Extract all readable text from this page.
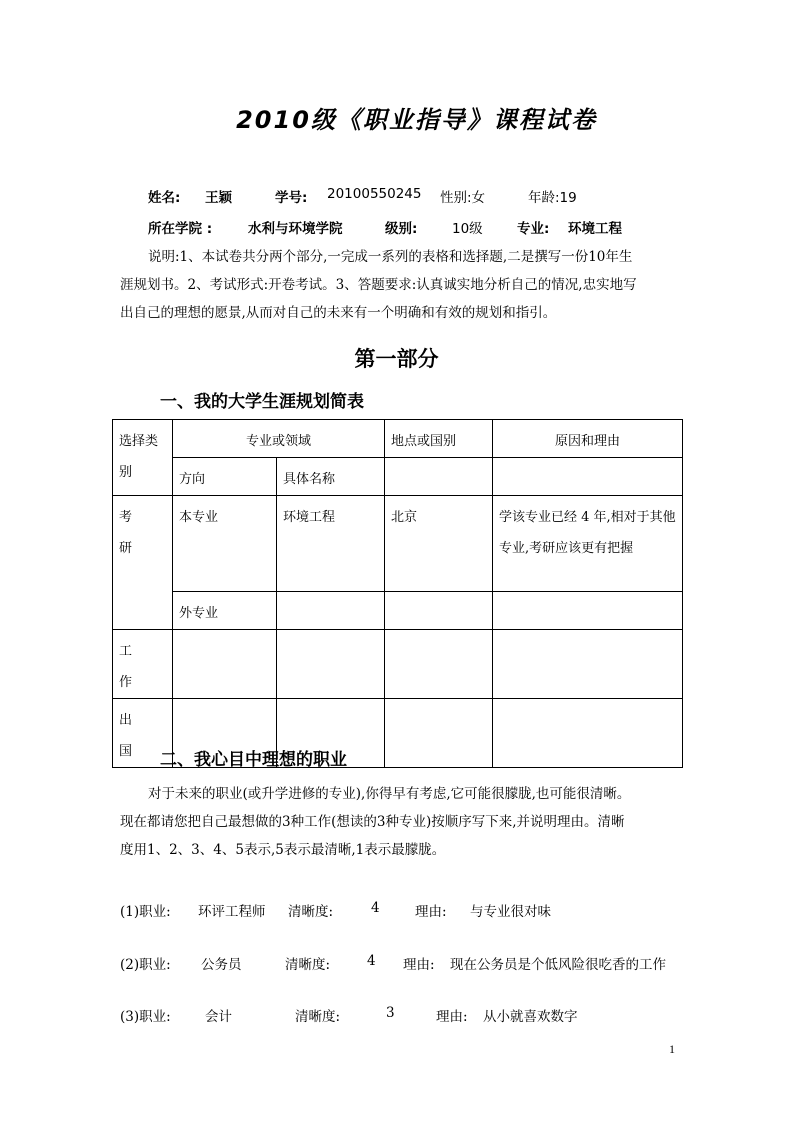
2010级《职业指导》课程试卷
姓名: 王颖	学号: 20100550245 性别:女	年龄:19
所在学院 :	水利与环境学院	级别:	10级	专业: 环境工程
说明:1、本试卷共分两个部分,一完成一系列的表格和选择题,二是撰写一份10年生
涯规划书。2、考试形式:开卷考试。3、答题要求:认真诚实地分析自己的情况,忠实地写
出自己的理想的愿景,从而对自己的未来有一个明确和有效的规划和指引。
第一部分
一、我的大学生涯规划简表
选择类别	专业或领域		地点或国别	原因和理由
	方向	具体名称		

考研	本专业	环境工程	北京	学该专业已经 4 年,相对于其他专业,考研应该更有把握
	外专业			

工作				

出国				
				二、我心目中理想的职业
对于未来的职业(或升学进修的专业),你得早有考虑,它可能很朦胧,也可能很清晰。
现在都请您把自己最想做的3种工作(想读的3种专业)按顺序写下来,并说明理由。清晰
度用1、2、3、4、5表示,5表示最清晰,1表示最朦胧。
(1)职业: 环评工程师 清晰度:	4	理由: 与专业很对味
(2)职业: 公务员	清晰度:	4 理由: 现在公务员是个低风险很吃香的工作
(3)职业:	会计	清晰度:	3	理由: 从小就喜欢数字
1
